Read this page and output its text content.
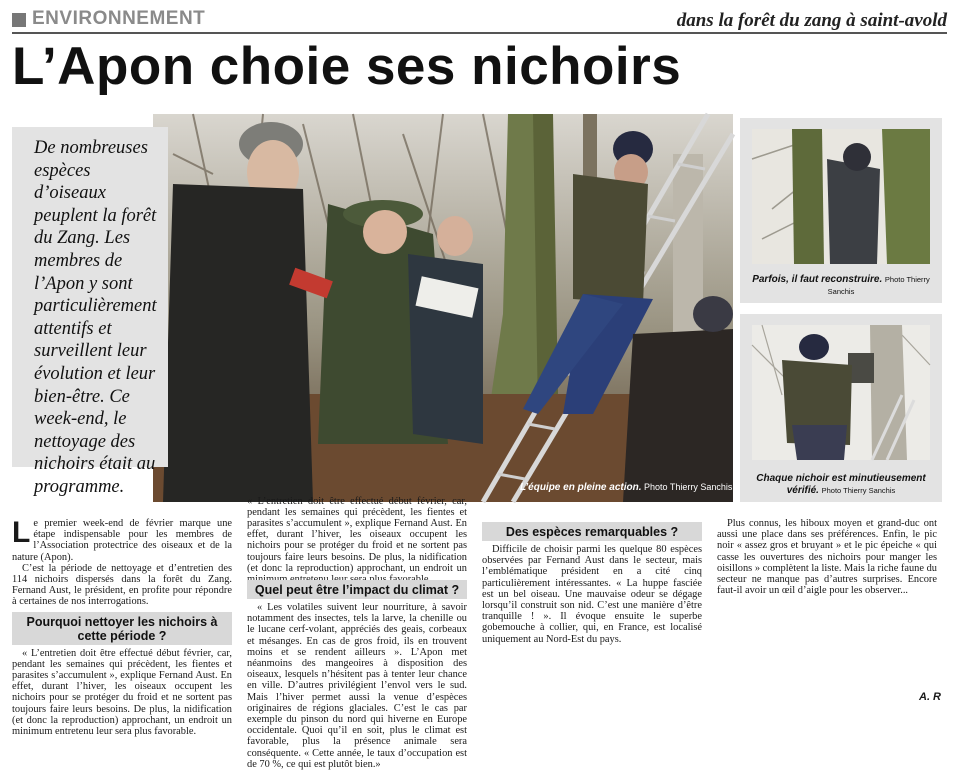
ENVIRONNEMENT	dans la forêt du zang à saint-avold
L’Apon choie ses nichoirs
L’équipe en pleine action. Photo Thierry Sanchis

De nombreuses espèces d’oiseaux peuplent la forêt du Zang. Les membres de l’Apon y sont particulièrement attentifs et surveillent leur évolution et leur bien-être. Ce week-end, le nettoyage des nichoirs était au programme.

Parfois, il faut reconstruire. Photo Thierry Sanchis
Chaque nichoir est minutieusement vérifié. Photo Thierry Sanchis

Le premier week-end de février marque une étape indispensable pour les membres de l’Association protectrice des oiseaux et de la nature (Apon).

C’est la période de nettoyage et d’entretien des 114 nichoirs dispersés dans la forêt du Zang. Fernand Aust, le président, en profite pour répondre à certaines de nos interrogations.

Pourquoi nettoyer les nichoirs à cette période ?

« L’entretien doit être effectué début février, car, pendant les semaines qui précèdent, les fientes et parasites s’accumulent », explique Fernand Aust. En effet, durant l’hiver, les oiseaux occupent les nichoirs pour se protéger du froid et ne sortent pas toujours faire leurs besoins. De plus, la nidification (et donc la reproduction) approchant, un endroit un minimum entretenu leur sera plus favorable.

« L’entretien doit être effectué début février, car, pendant les semaines qui précèdent, les fientes et parasites s’accumulent », explique Fernand Aust. En effet, durant l’hiver, les oiseaux occupent les nichoirs pour se protéger du froid et ne sortent pas toujours faire leurs besoins. De plus, la nidification (et donc la reproduction) approchant, un endroit un

Des espèces remarquables ?

Difficile de choisir parmi les quelque 80 espèces observées par Fernand Aust dans le secteur, mais l’emblématique président en a cité cinq particulièrement intéressantes. « La huppe fasciée est un bel oiseau. Une mauvaise odeur se dégage lorsqu’il construit son nid. C’est une manière d’être tranquille ! ». Il évoque ensuite le superbe gobemouche à collier, qui, en France, est localisé uniquement au Nord-Est du pays.

Plus connus, les hiboux moyen et grand-duc ont aussi une place dans ses préférences. Enfin, le pic noir « assez gros et bruyant » et le pic épeiche « qui casse les ouvertures des nichoirs pour manger les oisillons » complètent la liste. Mais la riche faune du secteur ne manque pas d’autres surprises. Encore faut-il avoir un œil d’aigle pour les observer...

Quel peut être l’impact du climat ?

« Les volatiles suivent leur nourriture, à savoir notamment des insectes, tels la larve, la chenille ou le lucane cerf-volant, appréciés des geais, corbeaux et mésanges. En cas de gros froid, ils en trouvent moins et se rendent ailleurs ». L’Apon met néanmoins des mangeoires à disposition des oiseaux, lesquels n’hésitent pas à tenter leur chance en ville. D’autres privilégient l’envol vers le sud. Mais l’hiver permet aussi la venue d’espèces originaires de régions glaciales. C’est le cas par exemple du pinson du nord qui hiverne en Europe occidentale. Quoi qu’il en soit, plus le climat est favorable, plus la présence animale sera conséquente. « Cette année, le taux d’occupation est de 70 %, ce qui est plutôt bien.»

A. R
